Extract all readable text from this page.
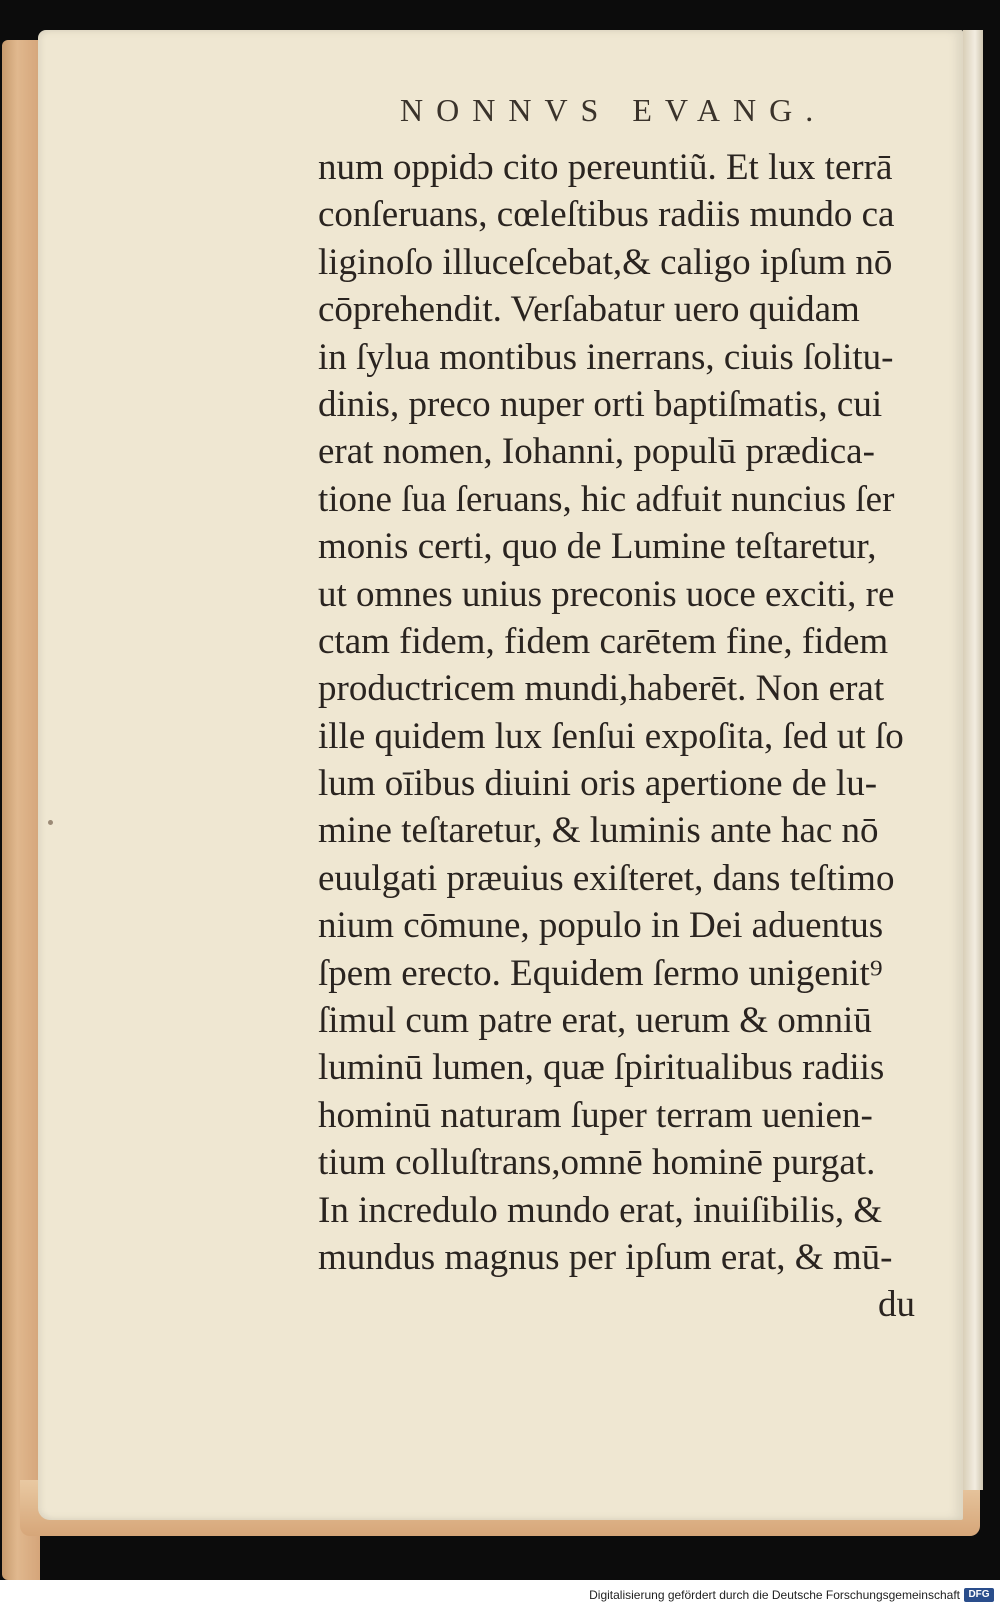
NONNVS EVANG.
num oppidɔ cito pereuntiũ. Et lux terrā
conſeruans, cœleſtibus radiis mundo ca
liginoſo illuceſcebat,& caligo ipſum nō
cōprehendit. Verſabatur uero quidam
in ſylua montibus inerrans, ciuis ſolitu-
dinis, preco nuper orti baptiſmatis, cui
erat nomen, Iohanni, populū prædica-
tione ſua ſeruans, hic adfuit nuncius ſer
monis certi, quo de Lumine teſtaretur,
ut omnes unius preconis uoce exciti, re
ctam fidem, fidem carētem fine, fidem
productricem mundi,haberēt. Non erat
ille quidem lux ſenſui expoſita, ſed ut ſo
lum oīibus diuini oris apertione de lu-
mine teſtaretur, & luminis ante hac nō
euulgati præuius exiſteret, dans teſtimo
nium cōmune, populo in Dei aduentus
ſpem erecto. Equidem ſermo unigenit⁹
ſimul cum patre erat, uerum & omniū
luminū lumen, quæ ſpiritualibus radiis
hominū naturam ſuper terram uenien-
tium colluſtrans,omnē hominē purgat.
In incredulo mundo erat, inuiſibilis, &
mundus magnus per ipſum erat, & mū-
du
Digitalisierung gefördert durch die Deutsche Forschungsgemeinschaft DFG
